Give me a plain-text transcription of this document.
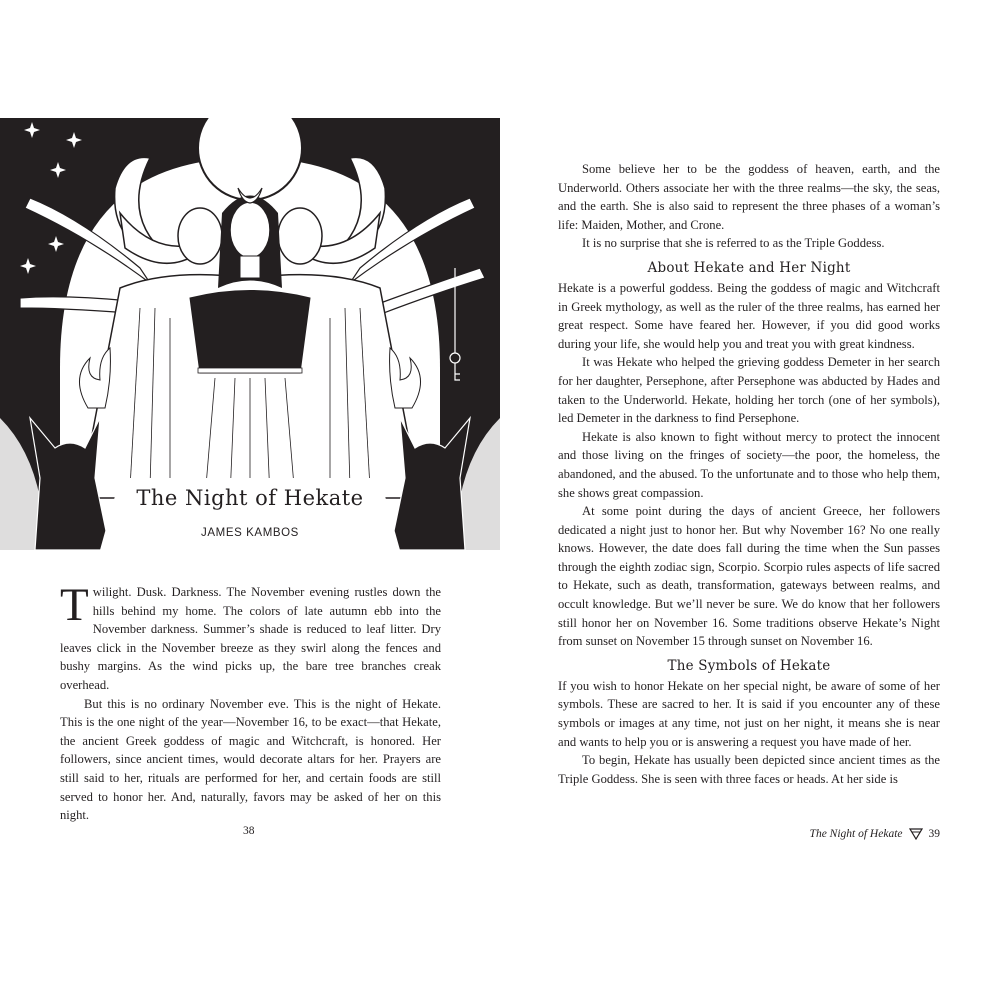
The Night of Hekate
JAMES KAMBOS

Twilight. Dusk. Darkness. The November evening rustles down the hills behind my home. The colors of late autumn ebb into the November darkness. Summer’s shade is reduced to leaf litter. Dry leaves click in the November breeze as they swirl along the fences and bushy margins. As the wind picks up, the bare tree branches creak overhead.

But this is no ordinary November eve. This is the night of Hekate. This is the one night of the year—November 16, to be exact—that Hekate, the ancient Greek goddess of magic and Witchcraft, is honored. Her followers, since ancient times, would decorate altars for her. Prayers are still said to her, rituals are performed for her, and certain foods are still served to honor her. And, naturally, favors may be asked of her on this night.

38

Some believe her to be the goddess of heaven, earth, and the Underworld. Others associate her with the three realms—the sky, the seas, and the earth. She is also said to represent the three phases of a woman’s life: Maiden, Mother, and Crone.

It is no surprise that she is referred to as the Triple Goddess.

About Hekate and Her Night

Hekate is a powerful goddess. Being the goddess of magic and Witchcraft in Greek mythology, as well as the ruler of the three realms, has earned her great respect. Some have feared her. However, if you did good works during your life, she would help you and treat you with great kindness.

It was Hekate who helped the grieving goddess Demeter in her search for her daughter, Persephone, after Persephone was abducted by Hades and taken to the Underworld. Hekate, holding her torch (one of her symbols), led Demeter in the darkness to find Persephone.

Hekate is also known to fight without mercy to protect the innocent and those living on the fringes of society—the poor, the homeless, the abandoned, and the abused. To the unfortunate and to those who help them, she shows great compassion.

At some point during the days of ancient Greece, her followers dedicated a night just to honor her. But why November 16? No one really knows. However, the date does fall during the time when the Sun passes through the eighth zodiac sign, Scorpio. Scorpio rules aspects of life sacred to Hekate, such as death, transformation, gateways between realms, and occult knowledge. But we’ll never be sure. We do know that her followers still honor her on November 16. Some traditions observe Hekate’s Night from sunset on November 15 through sunset on November 16.

The Symbols of Hekate

If you wish to honor Hekate on her special night, be aware of some of her symbols. These are sacred to her. It is said if you encounter any of these symbols or images at any time, not just on her night, it means she is near and wants to help you or is answering a request you have made of her.

To begin, Hekate has usually been depicted since ancient times as the Triple Goddess. She is seen with three faces or heads. At her side is

The Night of Hekate 39
